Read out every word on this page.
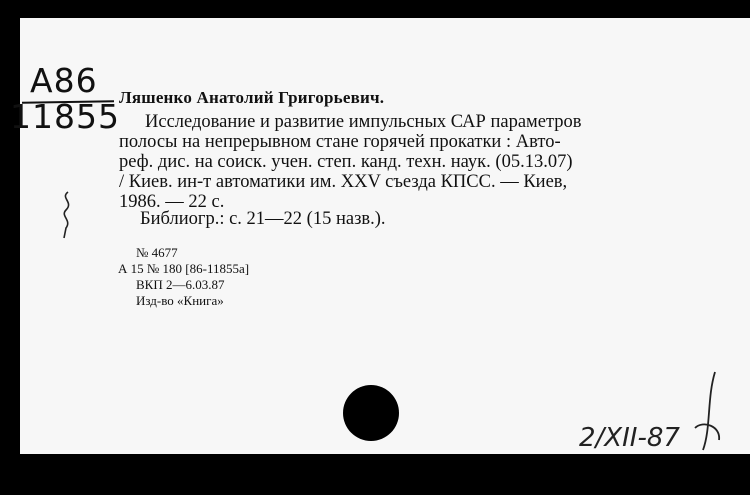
A86
11855 Ляшенко Анатолий Григорьевич.
Исследование и развитие импульсных САР параметров
полосы на непрерывном стане горячей прокатки : Авто-
реф. дис. на соиск. учен. степ. канд. техн. наук. (05.13.07)
/ Киев. ин-т автоматики им. XXV съезда КПСС. — Киев,
1986. — 22 с.
Библиогр.: с. 21—22 (15 назв.).
№ 4677
А 15 № 180 [86-11855а]
ВКП 2—6.03.87
Изд-во «Книга»
2/XII-87
